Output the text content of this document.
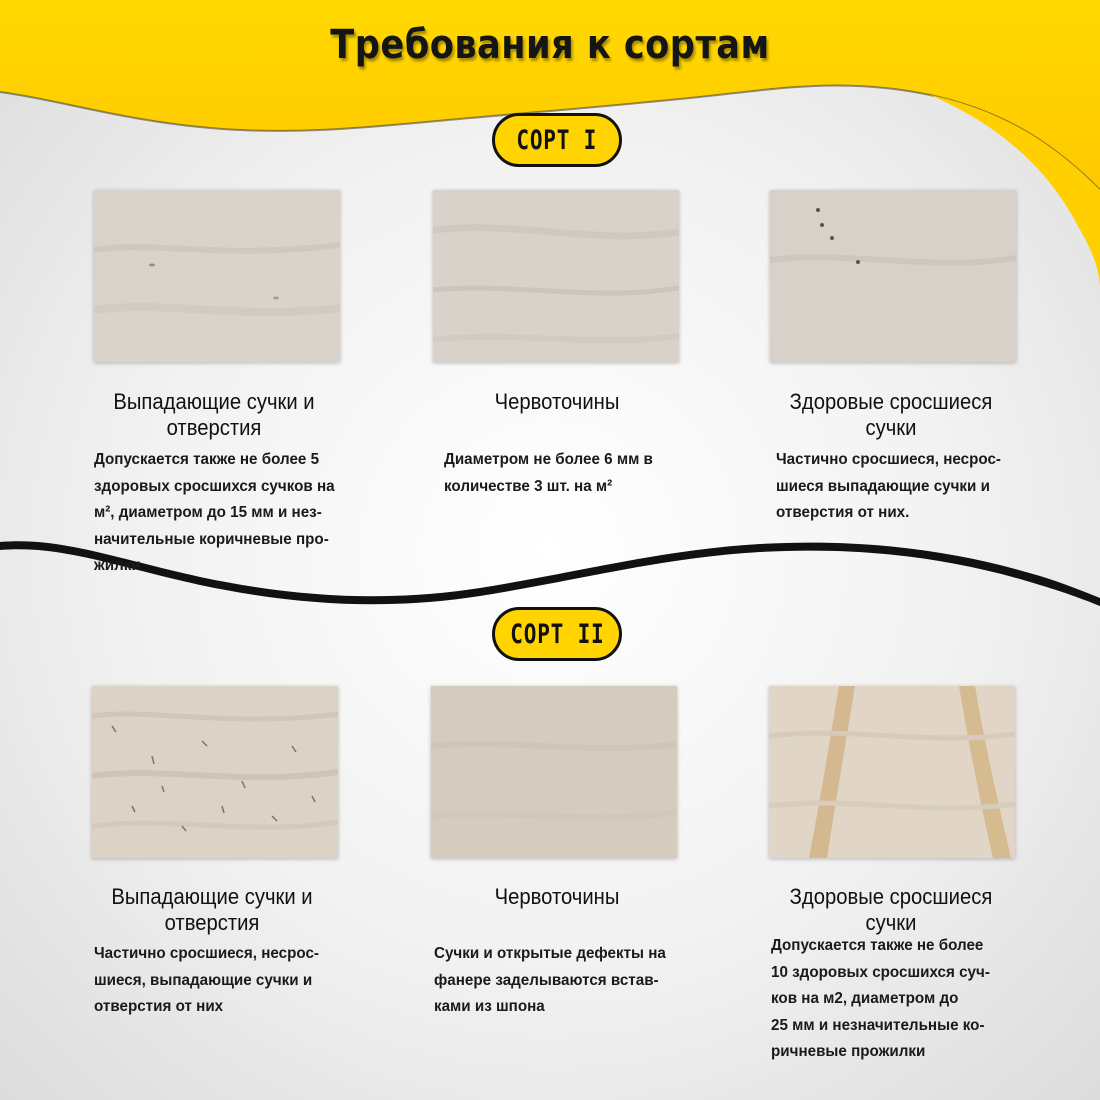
Требования к сортам
СОРТ I
Выпадающие сучки и
отверстия
Червоточины	Здоровые сросшиеся
сучки
Допускается также не более 5
здоровых сросшихся сучков на
м², диаметром до 15 мм и нез-
начительные коричневые про-
жилки
Диаметром не более 6 мм в
количестве 3 шт. на м²
Частично сросшиеся, несрос-
шиеся выпадающие сучки и
отверстия от них.
СОРТ II
Выпадающие сучки и
отверстия
Червоточины	Здоровые сросшиеся
сучки
Частично сросшиеся, несрос-
шиеся, выпадающие сучки и
отверстия от них
Сучки и открытые дефекты на
фанере заделываются встав-
ками из шпона
Допускается также не более
10 здоровых сросшихся суч-
ков на м2, диаметром до
25 мм и незначительные ко-
ричневые прожилки
